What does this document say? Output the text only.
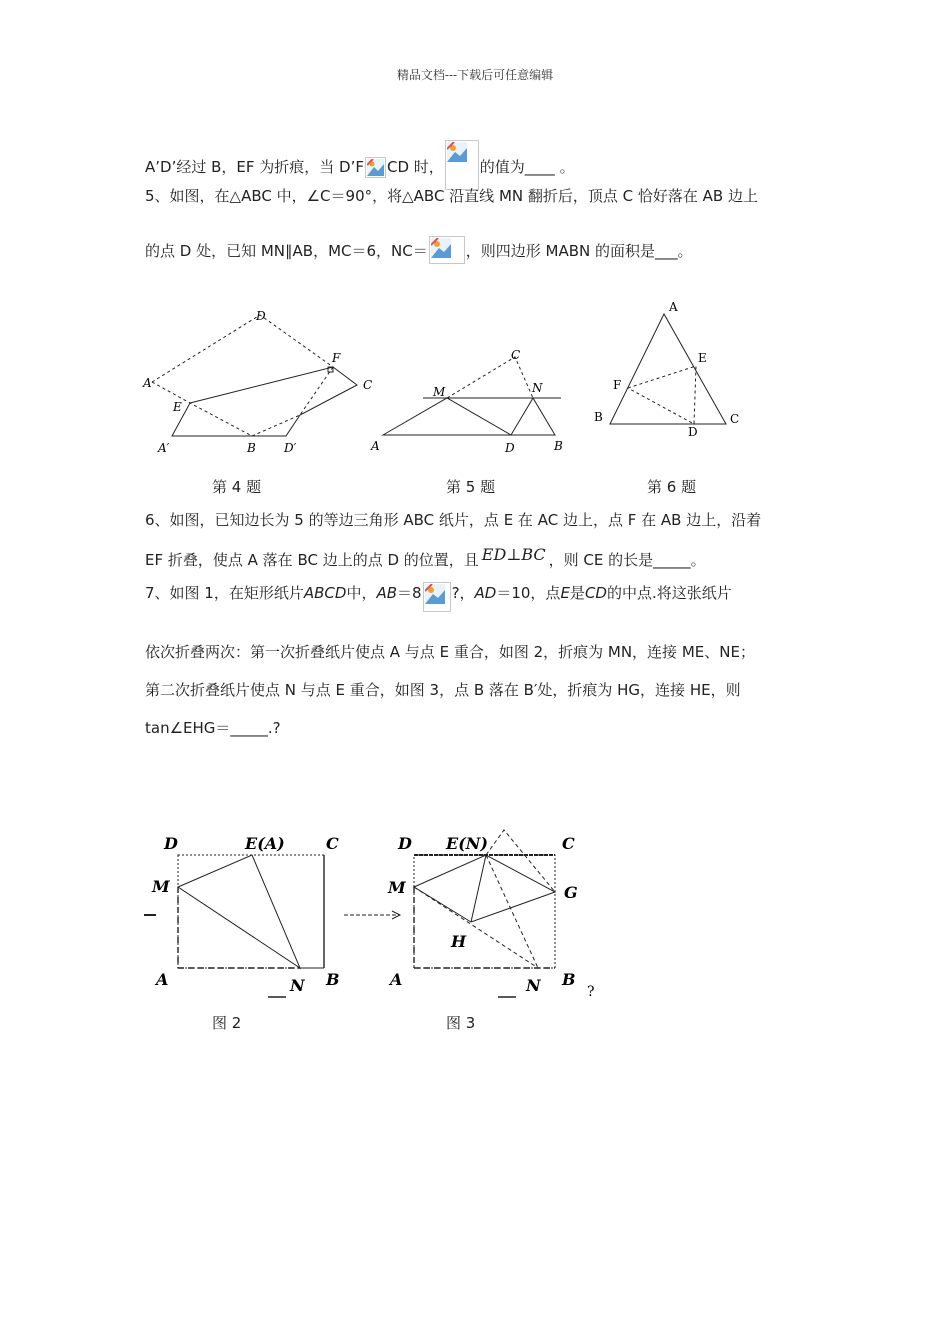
精品文档---下载后可任意编辑
A’D’经过 B，EF 为折痕，当 D’F CD 时， 的值为____ 。
5、如图，在△ABC 中，∠C＝90°，将△ABC 沿直线 MN 翻折后，顶点 C 恰好落在 AB 边上
的点 D 处，已知 MN∥AB，MC＝6，NC＝	，则四边形 MABN 的面积是___。
D
F
A	C
E
A′	B D′
C
M	N
A	D	B
A
E
F
B
D
C
第 4 题	第 5 题	第 6 题
6、如图，已知边长为 5 的等边三角形 ABC 纸片，点 E 在 AC 边上，点 F 在 AB 边上，沿着
EF 折叠，使点 A 落在 BC 边上的点 D 的位置，且 ED⊥BC ，则 CE 的长是_____。
7、如图 1，在矩形纸片ABCD中，AB＝8 ?，AD＝10，点E是CD的中点.将这张纸片
依次折叠两次：第一次折叠纸片使点 A 与点 E 重合，如图 2，折痕为 MN，连接 ME、NE；
第二次折叠纸片使点 N 与点 E 重合，如图 3，点 B 落在 B′处，折痕为 HG，连接 HE，则
tan∠EHG＝_____.?
D	E(A)	C
M
A	N B
D E(N)	C
M	G
H
A	N B
?
图 2	图 3
